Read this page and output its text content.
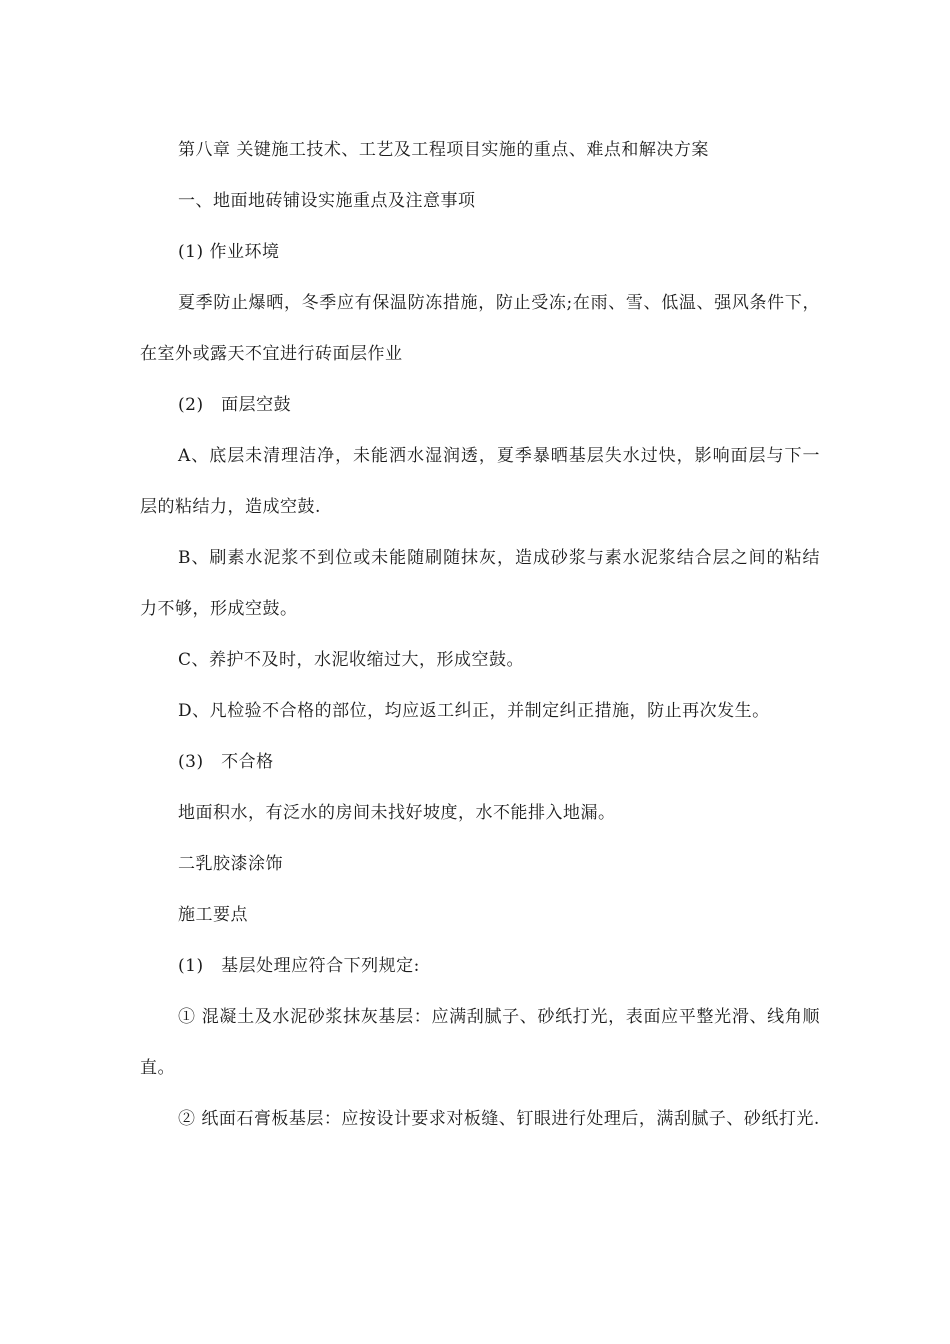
第八章 关键施工技术、工艺及工程项目实施的重点、难点和解决方案

一、地面地砖铺设实施重点及注意事项

(1) 作业环境

夏季防止爆晒，冬季应有保温防冻措施，防止受冻;在雨、雪、低温、强风条件下，在室外或露天不宜进行砖面层作业

(2)　面层空鼓

A、底层未清理洁净，未能洒水湿润透，夏季暴晒基层失水过快，影响面层与下一层的粘结力，造成空鼓.

B、刷素水泥浆不到位或未能随刷随抹灰，造成砂浆与素水泥浆结合层之间的粘结力不够，形成空鼓。

C、养护不及时，水泥收缩过大，形成空鼓。

D、凡检验不合格的部位，均应返工纠正，并制定纠正措施，防止再次发生。

(3)　不合格

地面积水，有泛水的房间未找好坡度，水不能排入地漏。

二乳胶漆涂饰

施工要点

(1)　基层处理应符合下列规定:

① 混凝土及水泥砂浆抹灰基层：应满刮腻子、砂纸打光，表面应平整光滑、线角顺直。

② 纸面石膏板基层：应按设计要求对板缝、钉眼进行处理后，满刮腻子、砂纸打光.
